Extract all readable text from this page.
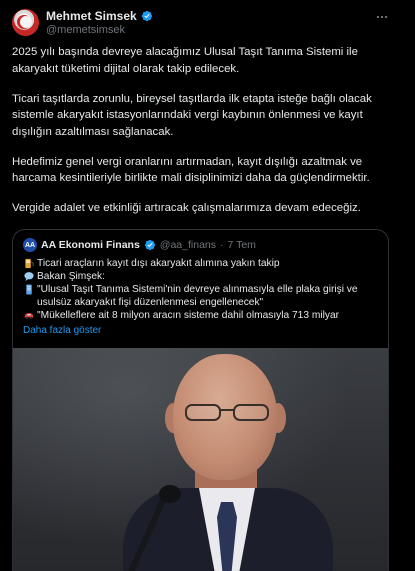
Mehmet Simsek
@memetsimsek

2025 yılı başında devreye alacağımız Ulusal Taşıt Tanıma Sistemi ile akaryakıt tüketimi dijital olarak takip edilecek.

Ticari taşıtlarda zorunlu, bireysel taşıtlarda ilk etapta isteğe bağlı olacak sistemle akaryakıt istasyonlarındaki vergi kaybının önlenmesi ve kayıt dışılığın azaltılması sağlanacak.

Hedefimiz genel vergi oranlarını artırmadan, kayıt dışılığı azaltmak ve harcama kesintileriyle birlikte mali disiplinimizi daha da güçlendirmektir.

Vergide adalet ve etkinliği artıracak çalışmalarımıza devam edeceğiz.

AA AA Ekonomi Finans @aa_finans · 7 Tem
Ticari araçların kayıt dışı akaryakıt alımına yakın takip
Bakan Şimşek:
"Ulusal Taşıt Tanıma Sistemi'nin devreye alınmasıyla elle plaka girişi ve usulsüz akaryakıt fişi düzenlenmesi engellenecek"
"Mükelleflere ait 8 milyon aracın sisteme dahil olmasıyla 713 milyar
Daha fazla göster
